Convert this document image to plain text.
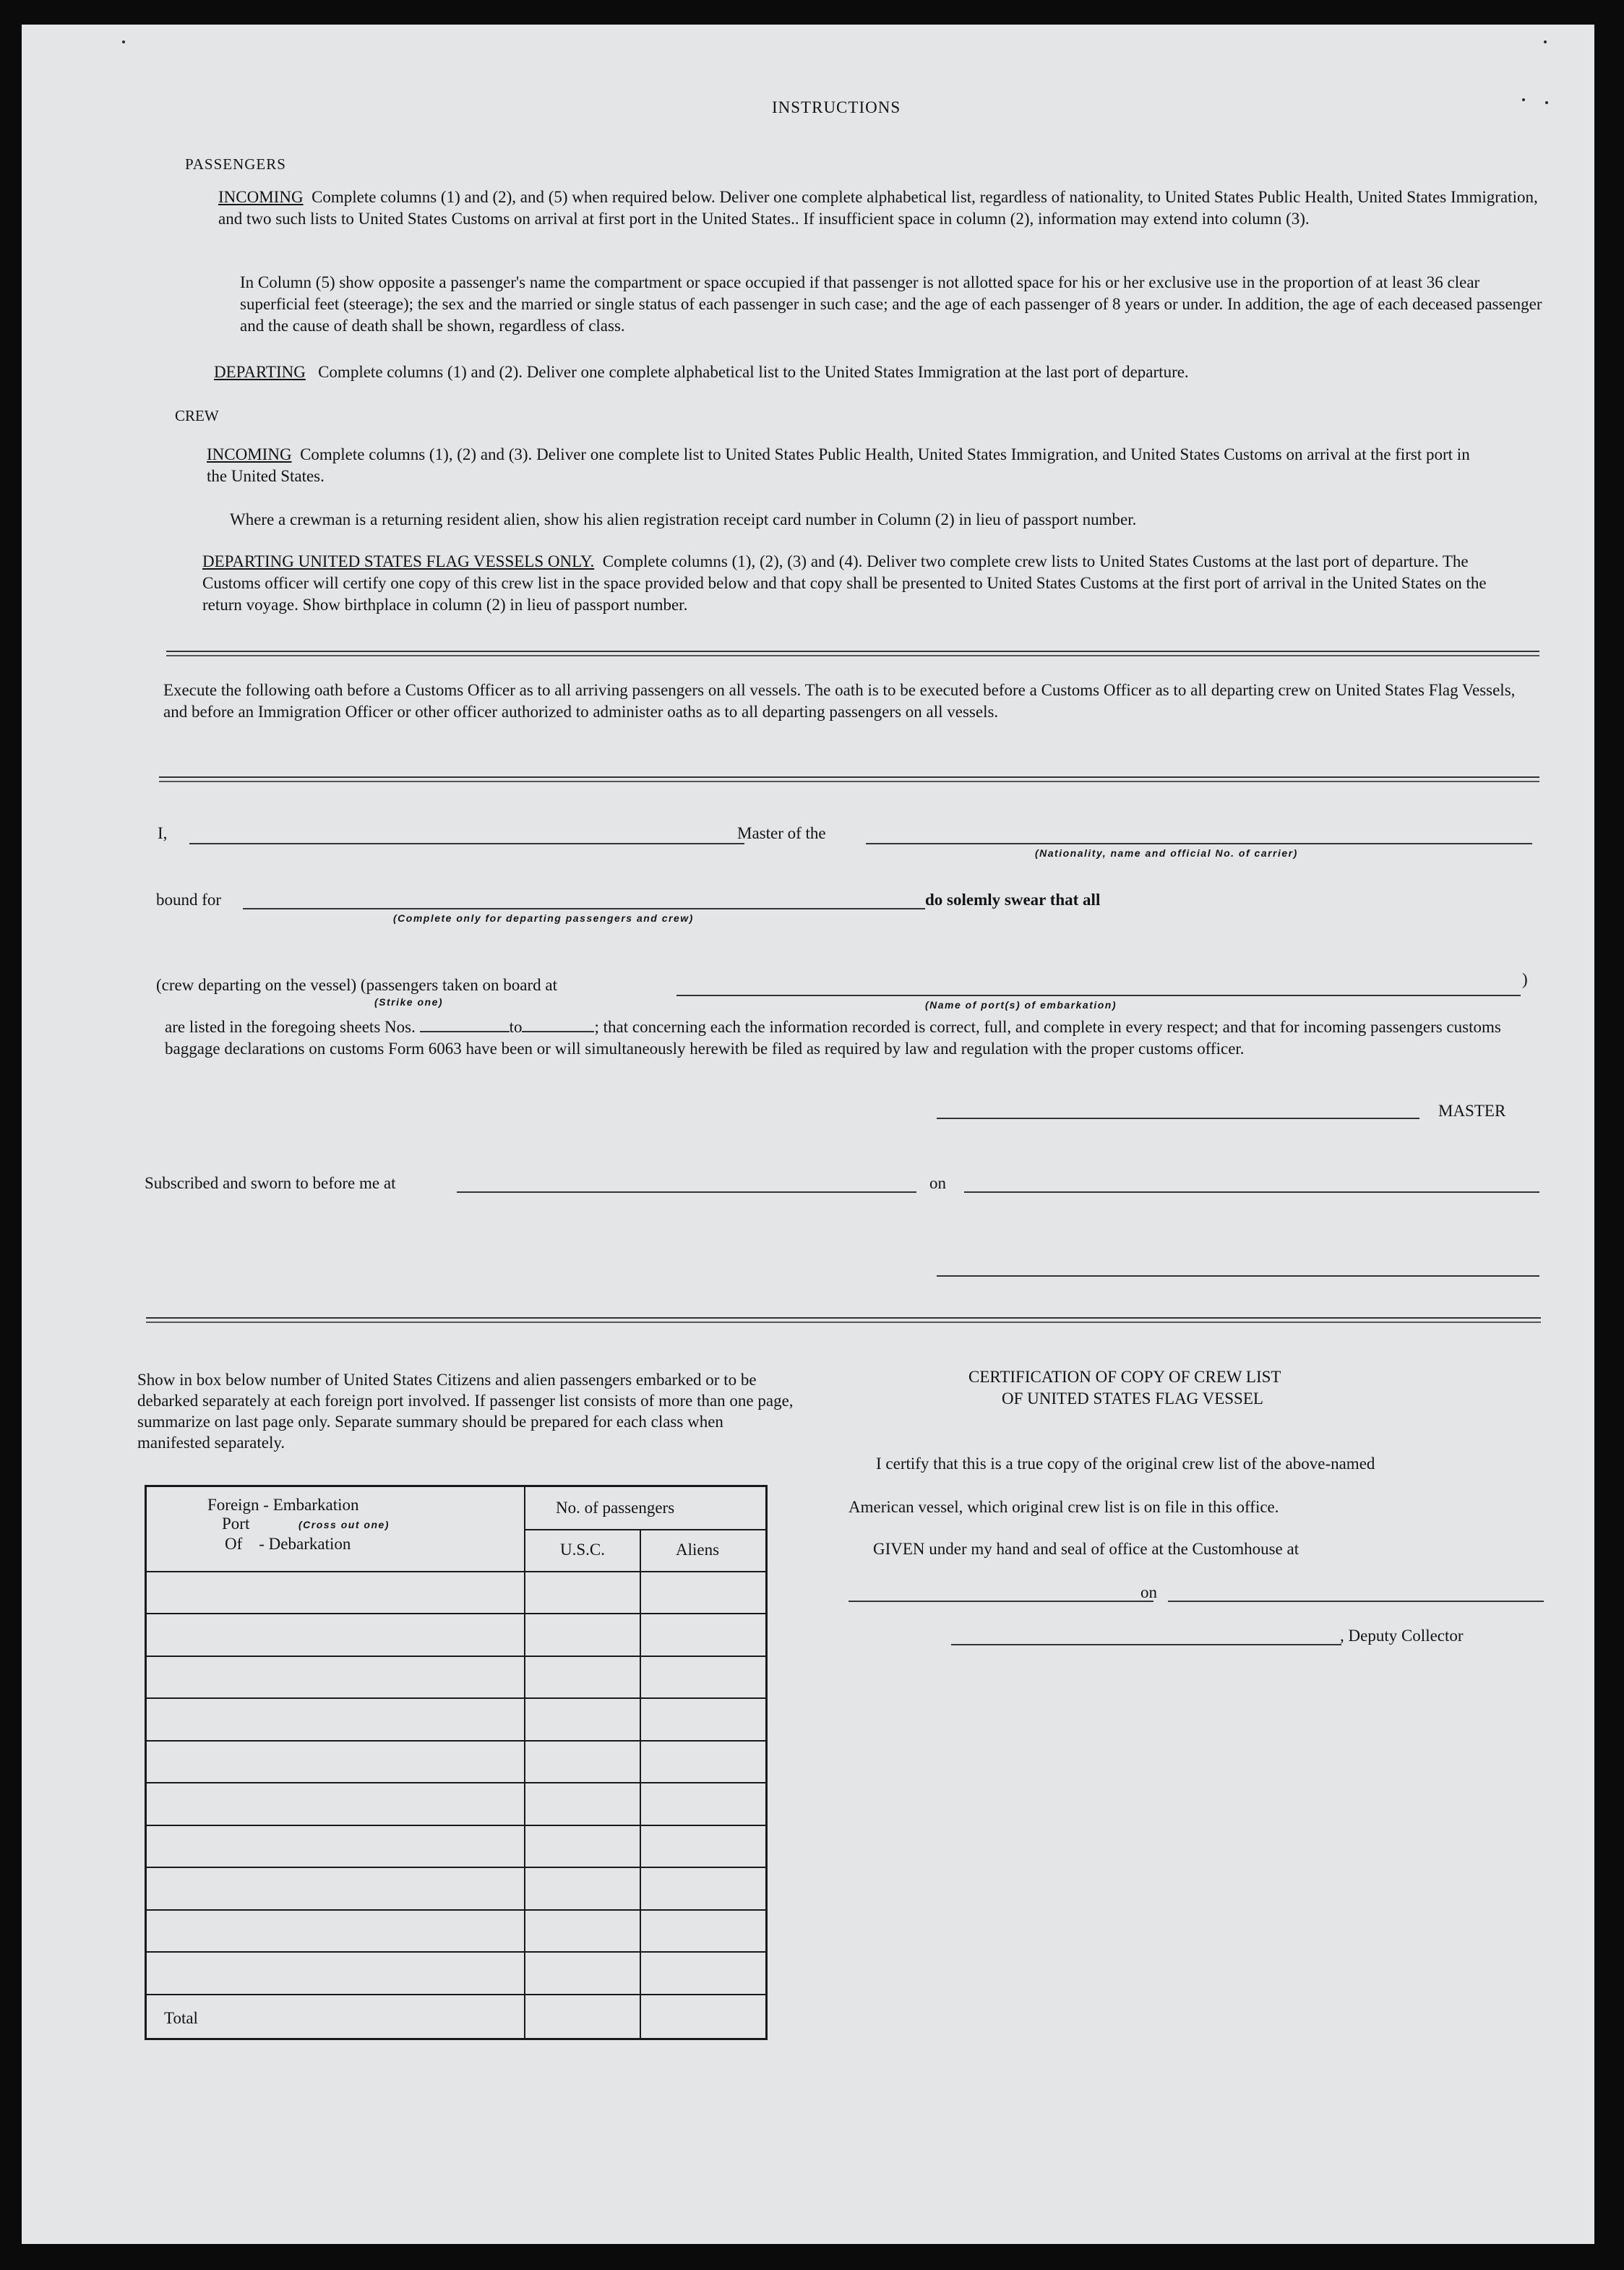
INSTRUCTIONS
PASSENGERS
INCOMING Complete columns (1) and (2), and (5) when required below. Deliver one complete alphabetical list, regardless of nationality, to United States Public Health, United States Immigration, and two such lists to United States Customs on arrival at first port in the United States.. If insufficient space in column (2), information may extend into column (3).
In Column (5) show opposite a passenger's name the compartment or space occupied if that passenger is not allotted space for his or her exclusive use in the proportion of at least 36 clear superficial feet (steerage); the sex and the married or single status of each passenger in such case; and the age of each passenger of 8 years or under. In addition, the age of each deceased passenger and the cause of death shall be shown, regardless of class.
DEPARTING Complete columns (1) and (2). Deliver one complete alphabetical list to the United States Immigration at the last port of departure.
CREW
INCOMING Complete columns (1), (2) and (3). Deliver one complete list to United States Public Health, United States Immigration, and United States Customs on arrival at the first port in the United States.
Where a crewman is a returning resident alien, show his alien registration receipt card number in Column (2) in lieu of passport number.
DEPARTING UNITED STATES FLAG VESSELS ONLY. Complete columns (1), (2), (3) and (4). Deliver two complete crew lists to United States Customs at the last port of departure. The Customs officer will certify one copy of this crew list in the space provided below and that copy shall be presented to United States Customs at the first port of arrival in the United States on the return voyage. Show birthplace in column (2) in lieu of passport number.
Execute the following oath before a Customs Officer as to all arriving passengers on all vessels. The oath is to be executed before a Customs Officer as to all departing crew on United States Flag Vessels, and before an Immigration Officer or other officer authorized to administer oaths as to all departing passengers on all vessels.
I,	Master of the
(Nationality, name and official No. of carrier)
bound for	do solemly swear that all
(Complete only for departing passengers and crew)
(crew departing on the vessel) (passengers taken on board at	)
(Strike one)	(Name of port(s) of embarkation)
are listed in the foregoing sheets Nos.	to	; that concerning each the information recorded is correct, full, and complete in every respect; and that for incoming passengers customs baggage declarations on customs Form 6063 have been or will simultaneously herewith be filed as required by law and regulation with the proper customs officer.
MASTER
Subscribed and sworn to before me at	on
Show in box below number of United States Citizens and alien passengers embarked or to be debarked separately at each foreign port involved. If passenger list consists of more than one page, summarize on last page only. Separate summary should be prepared for each class when manifested separately.
Foreign - Embarkation
Port	(Cross out one)
Of    - Debarkation
No. of passengers
U.S.C.	Aliens
Total
CERTIFICATION OF COPY OF CREW LIST
OF UNITED STATES FLAG VESSEL
I certify that this is a true copy of the original crew list of the above-named
American vessel, which original crew list is on file in this office.
GIVEN under my hand and seal of office at the Customhouse at
on
, Deputy Collector
